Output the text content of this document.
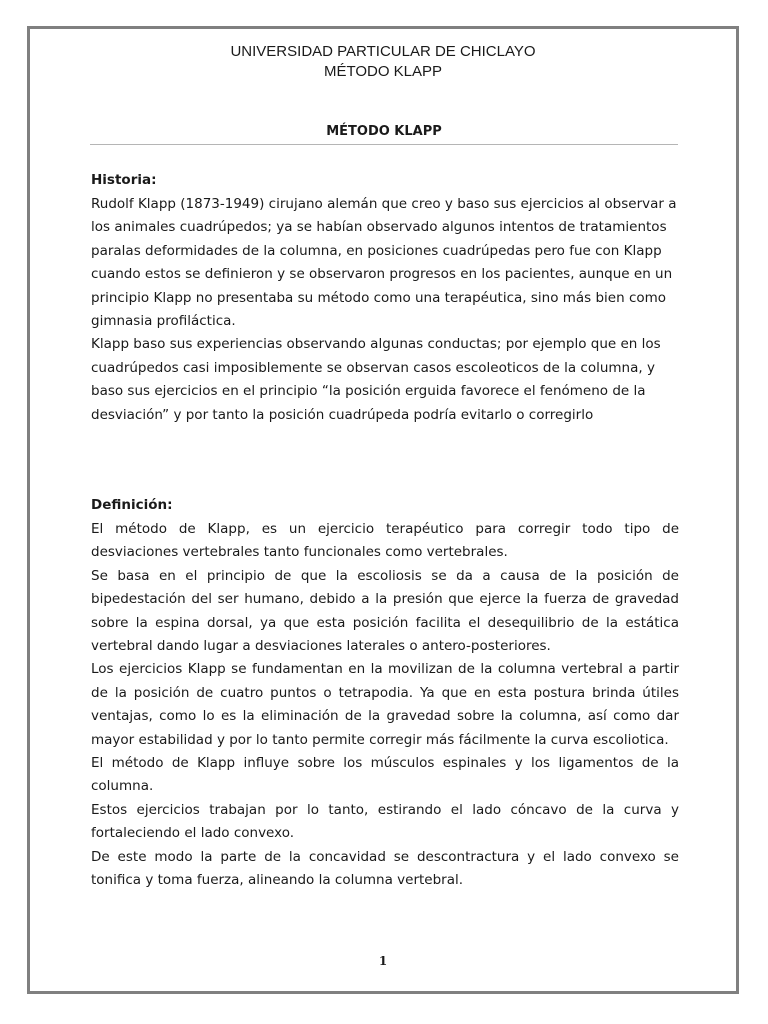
UNIVERSIDAD PARTICULAR DE CHICLAYO
MÉTODO KLAPP
MÉTODO KLAPP
Historia:

Rudolf Klapp (1873-1949) cirujano alemán que creo y baso sus ejercicios al observar a los animales cuadrúpedos; ya se habían observado algunos intentos de tratamientos paralas deformidades de la columna, en posiciones cuadrúpedas pero fue con Klapp cuando estos se definieron y se observaron progresos en los pacientes, aunque en un principio Klapp no presentaba su método como una terapéutica, sino más bien como gimnasia profiláctica.

Klapp baso sus experiencias observando algunas conductas; por ejemplo que en los cuadrúpedos casi imposiblemente se observan casos escoleoticos de la columna, y baso sus ejercicios en el principio “la posición erguida favorece el fenómeno de la desviación” y por tanto la posición cuadrúpeda podría evitarlo o corregirlo

Definición:

El método de Klapp, es un ejercicio terapéutico para corregir todo tipo de desviaciones vertebrales tanto funcionales como vertebrales.

Se basa en el principio de que la escoliosis se da a causa de la posición de bipedestación del ser humano, debido a la presión que ejerce la fuerza de gravedad sobre la espina dorsal, ya que esta posición facilita el desequilibrio de la estática vertebral dando lugar a desviaciones laterales o antero-posteriores.

Los ejercicios Klapp se fundamentan en la movilizan de la columna vertebral a partir de la posición de cuatro puntos o tetrapodia. Ya que en esta postura brinda útiles ventajas, como lo es la eliminación de la gravedad sobre la columna, así como dar mayor estabilidad y por lo tanto permite corregir más fácilmente la curva escoliotica.

El método de Klapp influye sobre los músculos espinales y los ligamentos de la columna.

Estos ejercicios trabajan por lo tanto, estirando el lado cóncavo de la curva y fortaleciendo el lado convexo.

De este modo la parte de la concavidad se descontractura y el lado convexo se tonifica y toma fuerza, alineando la columna vertebral.

1
